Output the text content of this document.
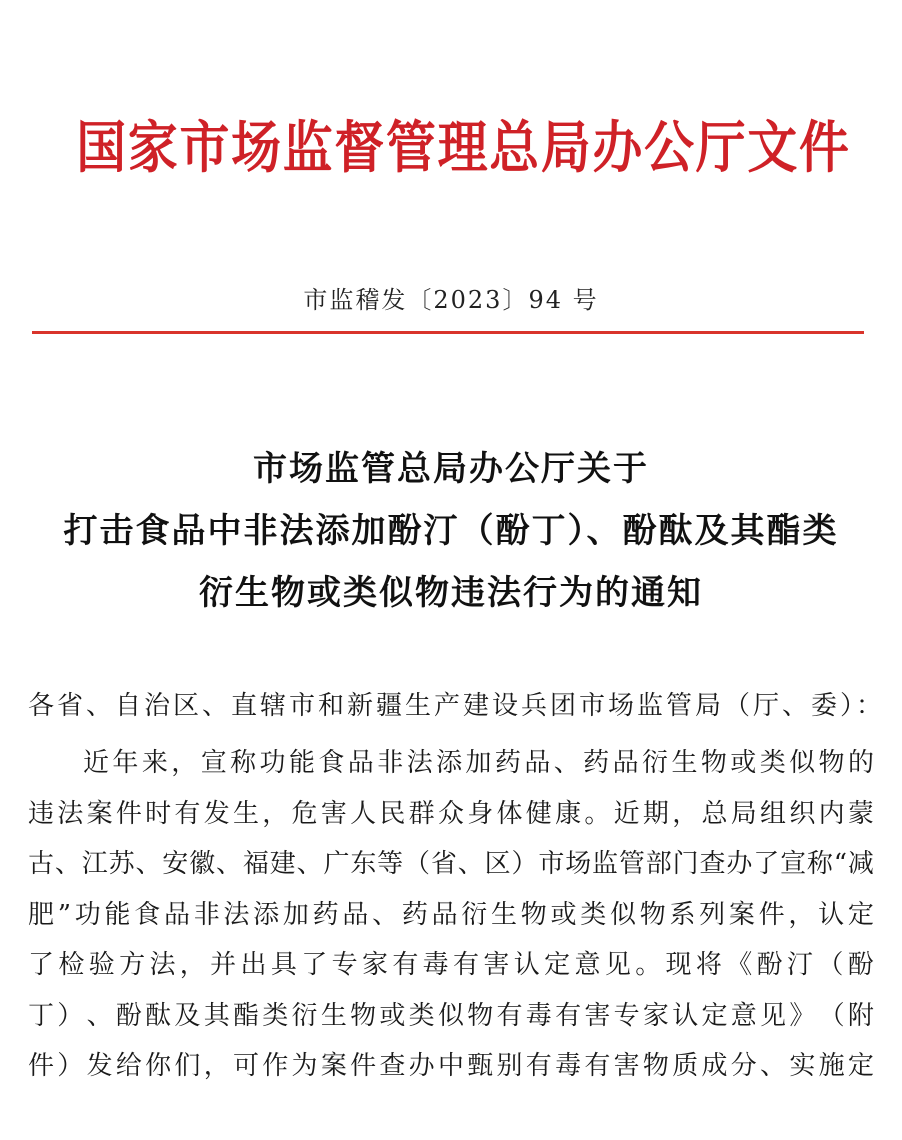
国家市场监督管理总局办公厅文件
市监稽发〔2023〕94 号
市场监管总局办公厅关于
打击食品中非法添加酚汀（酚丁）、酚酞及其酯类
衍生物或类似物违法行为的通知
各省、自治区、直辖市和新疆生产建设兵团市场监管局（厅、委）：
近 年 来 ， 宣 称 功 能 食 品 非 法 添 加 药 品 、 药 品 衍 生 物 或 类 似 物 的
违 法 案 件 时 有 发 生 ， 危 害 人 民 群 众 身 体 健 康 。 近 期 ， 总 局 组 织 内 蒙
古 、 江 苏 、 安 徽 、 福 建 、 广 东 等 （ 省 、 区 ） 市 场 监 管 部 门 查 办 了 宣 称 “ 减
肥 ” 功 能 食 品 非 法 添 加 药 品 、 药 品 衍 生 物 或 类 似 物 系 列 案 件 ， 认 定
了 检 验 方 法 ， 并 出 具 了 专 家 有 毒 有 害 认 定 意 见 。 现 将 《 酚 汀 （ 酚
丁 ） 、 酚 酞 及 其 酯 类 衍 生 物 或 类 似 物 有 毒 有 害 专 家 认 定 意 见 》 （ 附
件 ） 发 给 你 们 ， 可 作 为 案 件 查 办 中 甄 别 有 毒 有 害 物 质 成 分 、 实 施 定
